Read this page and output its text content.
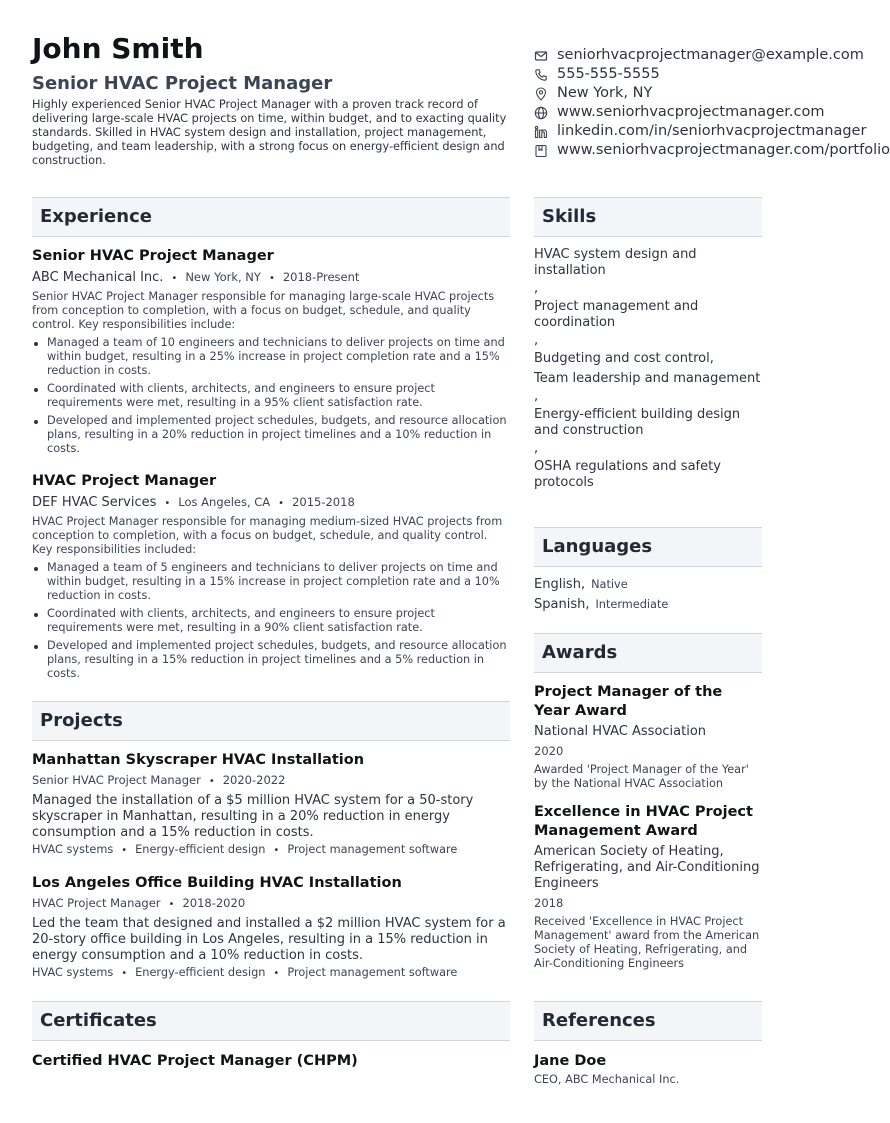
John Smith
Senior HVAC Project Manager

Highly experienced Senior HVAC Project Manager with a proven track record of delivering large-scale HVAC projects on time, within budget, and to exacting quality standards. Skilled in HVAC system design and installation, project management, budgeting, and team leadership, with a strong focus on energy-efficient design and construction.

seniorhvacprojectmanager@example.com
555-555-5555
New York, NY
www.seniorhvacprojectmanager.com
linkedin.com/in/seniorhvacprojectmanager
www.seniorhvacprojectmanager.com/portfolio
Experience
Senior HVAC Project Manager
ABC Mechanical Inc. • New York, NY • 2018-Present
Senior HVAC Project Manager responsible for managing large-scale HVAC projects from conception to completion, with a focus on budget, schedule, and quality control. Key responsibilities include:
Managed a team of 10 engineers and technicians to deliver projects on time and within budget, resulting in a 25% increase in project completion rate and a 15% reduction in costs.
Coordinated with clients, architects, and engineers to ensure project requirements were met, resulting in a 95% client satisfaction rate.
Developed and implemented project schedules, budgets, and resource allocation plans, resulting in a 20% reduction in project timelines and a 10% reduction in costs.
HVAC Project Manager
DEF HVAC Services • Los Angeles, CA • 2015-2018
HVAC Project Manager responsible for managing medium-sized HVAC projects from conception to completion, with a focus on budget, schedule, and quality control. Key responsibilities included:
Managed a team of 5 engineers and technicians to deliver projects on time and within budget, resulting in a 15% increase in project completion rate and a 10% reduction in costs.
Coordinated with clients, architects, and engineers to ensure project requirements were met, resulting in a 90% client satisfaction rate.
Developed and implemented project schedules, budgets, and resource allocation plans, resulting in a 15% reduction in project timelines and a 5% reduction in costs.
Projects
Manhattan Skyscraper HVAC Installation
Senior HVAC Project Manager • 2020-2022
Managed the installation of a $5 million HVAC system for a 50-story skyscraper in Manhattan, resulting in a 20% reduction in energy consumption and a 15% reduction in costs.
HVAC systems • Energy-efficient design • Project management software
Los Angeles Office Building HVAC Installation
HVAC Project Manager • 2018-2020
Led the team that designed and installed a $2 million HVAC system for a 20-story office building in Los Angeles, resulting in a 15% reduction in energy consumption and a 10% reduction in costs.
HVAC systems • Energy-efficient design • Project management software
Certificates
Certified HVAC Project Manager (CHPM)
Skills
HVAC system design and installation
,
Project management and coordination
,
Budgeting and cost control,
Team leadership and management
,
Energy-efficient building design and construction
,
OSHA regulations and safety protocols
Languages
English, Native
Spanish, Intermediate
Awards
Project Manager of the Year Award
National HVAC Association
2020
Awarded 'Project Manager of the Year' by the National HVAC Association
Excellence in HVAC Project Management Award
American Society of Heating, Refrigerating, and Air-Conditioning Engineers
2018
Received 'Excellence in HVAC Project Management' award from the American Society of Heating, Refrigerating, and Air-Conditioning Engineers
References
Jane Doe
CEO, ABC Mechanical Inc.
